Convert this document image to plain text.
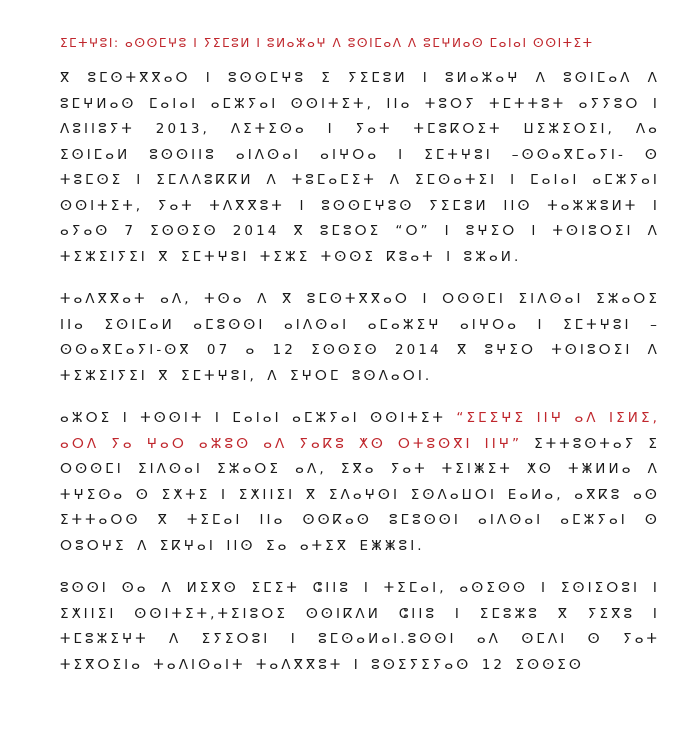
ⵉⵎⵜⵖⵓⵏ: ⴰⵙⵙⵎⵖⵓ ⵏ ⵢⵉⵎⵓⵍ ⵏ ⵓⵍⴰⵣⴰⵖ ⴷ ⵓⵙⵏⵎⴰⴷ ⴷ ⵓⵎⵖⵍⴰⵙ ⵎⴰⵏⴰⵏ ⵙⵙⵏⵜⵉⵜ

ⴳ ⵓⵎⵙⵜⴳⴳⴰⵔ ⵏ ⵓⵙⵙⵎⵖⵓ ⵉ ⵢⵉⵎⵓⵍ ⵏ ⵓⵍⴰⵣⴰⵖ ⴷ ⵓⵙⵏⵎⴰⴷ ⴷ ⵓⵎⵖⵍⴰⵙ ⵎⴰⵏⴰⵏ ⴰⵎⵣⵢⴰⵏ ⵙⵙⵏⵜⵉⵜ, ⵏⵏⴰ ⵜⵓⵔⵢ ⵜⵎⵜⵜⵓⵜ ⴰⵢⵢⵓⵔ ⵏ ⴷⵓⵏⵏⵓⵢⵜ 2013, ⴷⵉⵜⵉⵙⴰ ⵏ ⵢⴰⵜ ⵜⵎⵓⴽⵔⵉⵜ ⵡⵉⵣⵉⵔⵉⵏ, ⴷⴰ ⵉⵙⵏⵎⴰⵍ ⵓⵙⵙⵏⵏⵓ ⴰⵏⴷⵙⴰⵏ ⴰⵏⵖⵔⴰ ⵏ ⵉⵎⵜⵖⵓⵏ –ⵙⵙⴰⴳⵎⴰⵢⵏ- ⵙ ⵜⵓⵎⵙⵉ ⵏ ⵉⵎⴷⴷⵓⴽⴽⵍ ⴷ ⵜⵓⵎⴰⵎⵉⵜ ⴷ ⵉⵎⵙⴰⵜⵉⵏ ⵏ ⵎⴰⵏⴰⵏ ⴰⵎⵣⵢⴰⵏ ⵙⵙⵏⵜⵉⵜ, ⵢⴰⵜ ⵜⴷⴳⴳⵓⵜ ⵏ ⵓⵙⵙⵎⵖⵓⵙ ⵢⵉⵎⵓⵍ ⵏⵏⵙ ⵜⴰⵣⵣⵓⵍⵜ ⵏ ⴰⵢⴰⵙ 7 ⵉⵙⵙⵉⵙ 2014 ⴳ ⵓⵎⵓⵔⵉ “ⵔ” ⵏ ⵓⵖⵉⵔ ⵏ ⵜⵙⵏⵓⵔⵉⵏ ⴷ ⵜⵉⵣⵉⵏⵢⵉⵏ ⴳ ⵉⵎⵜⵖⵓⵏ ⵜⵉⵣⵉ ⵜⵙⵙⵉ ⴽⵓⴰⵜ ⵏ ⵓⵣⴰⵍ.

ⵜⴰⴷⴳⴳⴰⵜ ⴰⴷ, ⵜⵙⴰ ⴷ ⴳ ⵓⵎⵙⵜⴳⴳⴰⵔ ⵏ ⵔⵙⵙⵎⵏ ⵉⵏⴷⵙⴰⵏ ⵉⵣⴰⵔⵉ ⵏⵏⴰ ⵉⵙⵏⵎⴰⵍ ⴰⵎⵓⵙⵙⵏ ⴰⵏⴷⵙⴰⵏ ⴰⵎⴰⵣⵉⵖ ⴰⵏⵖⵔⴰ ⵏ ⵉⵎⵜⵖⵓⵏ – ⵙⵙⴰⴳⵎⴰⵢⵏ-ⵙⴳ 07 ⴰ 12 ⵉⵙⵙⵉⵙ 2014 ⴳ ⵓⵖⵉⵔ ⵜⵙⵏⵓⵔⵉⵏ ⴷ ⵜⵉⵣⵉⵏⵢⵉⵏ ⴳ ⵉⵎⵜⵖⵓⵏ, ⴷ ⵉⵖⵔⵎ ⵓⵙⴷⴰⵔⵏ.

ⴰⵣⵔⵉ ⵏ ⵜⵙⵙⵏⵜ ⵏ ⵎⴰⵏⴰⵏ ⴰⵎⵣⵢⴰⵏ ⵙⵙⵏⵜⵉⵜ “ⵉⵎⵉⵖⵉ ⵏⵏⵖ ⴰⴷ ⵏⵉⵍⵉ, ⴰⵔⴷ ⵢⴰ ⵖⴰⵔ ⴰⵣⵓⵙ ⴰⴷ ⵢⴰⴽⵓ ⵅⵙ ⵔⵜⵓⵙⴳⵏ ⵏⵏⵖ” ⵉⵜⵜⵓⵙⵜⴰⵢ ⵉ ⵔⵙⵙⵎⵏ ⵉⵏⴷⵙⴰⵏ ⵉⵣⴰⵔⵉ ⴰⴷ, ⵉⴳⴰ ⵢⴰⵜ ⵜⵉⵏⵥⵉⵜ ⵅⵙ ⵜⵥⵍⵍⴰ ⴷ ⵜⵖⵉⵙⴰ ⵙ ⵉⵅⵜⵉ ⵏ ⵉⵅⵏⵏⵉⵏ ⴳ ⵉⴷⴰⵖⵙⵏ ⵉⵙⴷⴰⵡⵔⵏ ⴹⴰⵍⴰ, ⴰⴳⴽⵓ ⴰⵙ ⵉⵜⵜⴰⵔⵙ ⴳ ⵜⵉⵎⴰⵏ ⵏⵏⴰ ⵙⵙⴽⴰⵙ ⵓⵎⵓⵙⵙⵏ ⴰⵏⴷⵙⴰⵏ ⴰⵎⵣⵢⴰⵏ ⵙ ⵔⵓⵔⵖⵉ ⴷ ⵉⴽⵖⴰⵏ ⵏⵏⵙ ⵉⴰ ⴰⵜⵉⴳ ⴹⵥⵥⵓⵏ.

ⵓⵙⵙⵏ ⵙⴰ ⴷ ⵍⵉⴳⵙ ⵉⵎⵉⵜ ⵛⵏⵏⵓ ⵏ ⵜⵉⵎⴰⵏ, ⴰⵙⵉⵙⵙ ⵏ ⵉⵙⵏⵉⵔⵓⵏ ⵏ ⵉⵅⵏⵏⵉⵏ ⵙⵙⵏⵜⵉⵜ,ⵜⵉⵏⵓⵔⵉ ⵙⵙⵏⴽⴷⵍ ⵛⵏⵏⵓ ⵏ ⵉⵎⵓⵣⵓ ⴳ ⵢⵉⴳⵓ ⵏ ⵜⵎⵓⵣⵉⵖⵜ ⴷ ⵉⵢⵉⵔⵓⵏ ⵏ ⵓⵎⵙⴰⵍⴰⵏ.ⵓⵙⵙⵏ ⴰⴷ ⵙⵎⴷⵏ ⵙ ⵢⴰⵜ ⵜⵉⴳⵔⵉⵏⴰ ⵜⴰⴷⵏⵙⴰⵏⵜ ⵜⴰⴷⴳⴳⵓⵜ ⵏ ⵓⵙⵉⵢⵉⵢⴰⵙ 12 ⵉⵙⵙⵉⵙ
